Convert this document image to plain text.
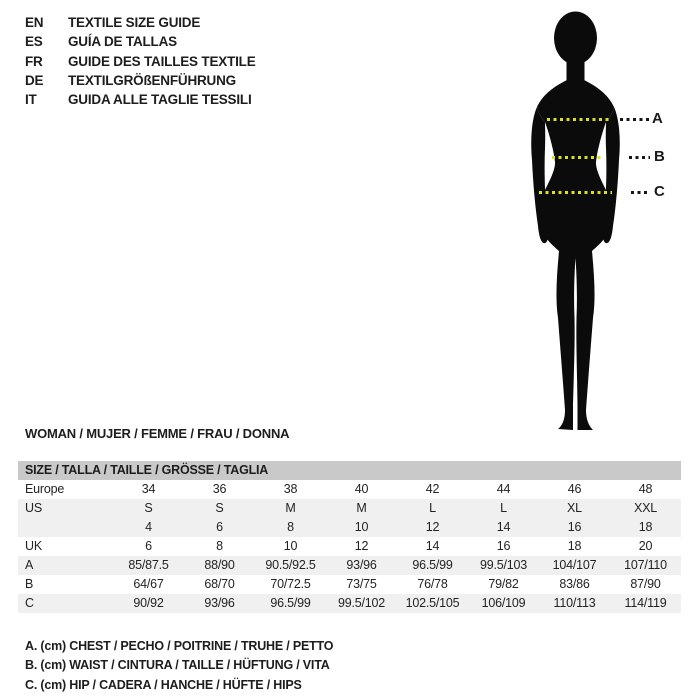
EN TEXTILE SIZE GUIDE
ES GUÍA DE TALLAS
FR GUIDE DES TAILLES TEXTILE
DE TEXTILGRÖßENFÜHRUNG
IT GUIDA ALLE TAGLIE TESSILI
A
B
C
WOMAN / MUJER / FEMME / FRAU / DONNA
SIZE / TALLA / TAILLE / GRÖSSE / TAGLIA
Europe	34	36	38	40	42	44	46	48
US	S	S	M	M	L	L	XL	XXL
	4	6	8	10	12	14	16	18
UK	6	8	10	12	14	16	18	20
A	85/87.5	88/90	90.5/92.5	93/96	96.5/99	99.5/103	104/107	107/110
B	64/67	68/70	70/72.5	73/75	76/78	79/82	83/86	87/90
C	90/92	93/96	96.5/99	99.5/102	102.5/105	106/109	110/113	114/119
A. (cm) CHEST / PECHO / POITRINE / TRUHE / PETTO
B. (cm) WAIST / CINTURA / TAILLE / HÜFTUNG / VITA
C. (cm) HIP / CADERA / HANCHE / HÜFTE / HIPS
